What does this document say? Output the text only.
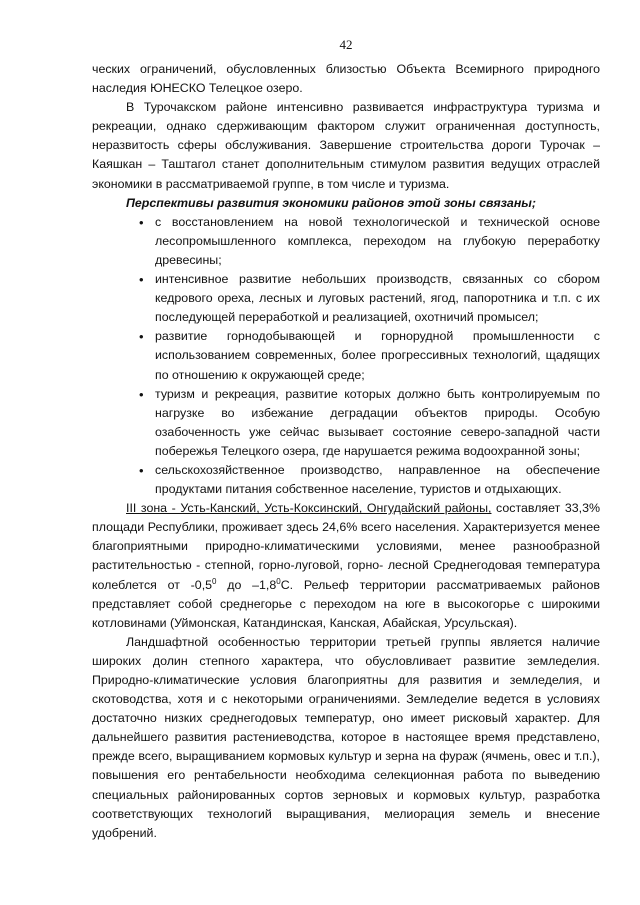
42

ческих ограничений, обусловленных близостью Объекта Всемирного природного наследия ЮНЕСКО Телецкое озеро.

В Турочакском районе интенсивно развивается инфраструктура туризма и рекреации, однако сдерживающим фактором служит ограниченная доступность, неразвитость сферы обслуживания. Завершение строительства дороги Турочак – Каяшкан – Таштагол станет дополнительным стимулом развития ведущих отраслей экономики в рассматриваемой группе, в том числе и туризма.

Перспективы развития экономики районов этой зоны связаны;

• с восстановлением на новой технологической и технической основе лесопромышленного комплекса, переходом на глубокую переработку древесины;
• интенсивное развитие небольших производств, связанных со сбором кедрового ореха, лесных и луговых растений, ягод, папоротника и т.п. с их последующей переработкой и реализацией, охотничий промысел;
• развитие горнодобывающей и горнорудной промышленности с использованием современных, более прогрессивных технологий, щадящих по отношению к окружающей среде;
• туризм и рекреация, развитие которых должно быть контролируемым по нагрузке во избежание деградации объектов природы. Особую озабоченность уже сейчас вызывает состояние северо-западной части побережья Телецкого озера, где нарушается режима водоохранной зоны;
• сельскохозяйственное производство, направленное на обеспечение продуктами питания собственное население, туристов и отдыхающих.

III зона - Усть-Канский, Усть-Коксинский, Онгудайский районы, составляет 33,3% площади Республики, проживает здесь 24,6% всего населения. Характеризуется менее благоприятными природно-климатическими условиями, менее разнообразной растительностью - степной, горно-луговой, горно- лесной Среднегодовая температура колеблется от $-0,5^0$ до $-1,8^0С$. Рельеф территории рассматриваемых районов представляет собой среднегорье с переходом на юге в высокогорье с широкими котловинами (Уймонская, Катандинская, Канская, Абайская, Урсульская).

Ландшафтной особенностью территории третьей группы является наличие широких долин степного характера, что обусловливает развитие земледелия. Природно-климатические условия благоприятны для развития и земледелия, и скотоводства, хотя и с некоторыми ограничениями. Земледелие ведется в условиях достаточно низких среднегодовых температур, оно имеет рисковый характер. Для дальнейшего развития растениеводства, которое в настоящее время представлено, прежде всего, выращиванием кормовых культур и зерна на фураж (ячмень, овес и т.п.), повышения его рентабельности необходима селекционная работа по выведению специальных районированных сортов зерновых и кормовых культур, разработка соответствующих технологий выращивания, мелиорация земель и внесение удобрений.
